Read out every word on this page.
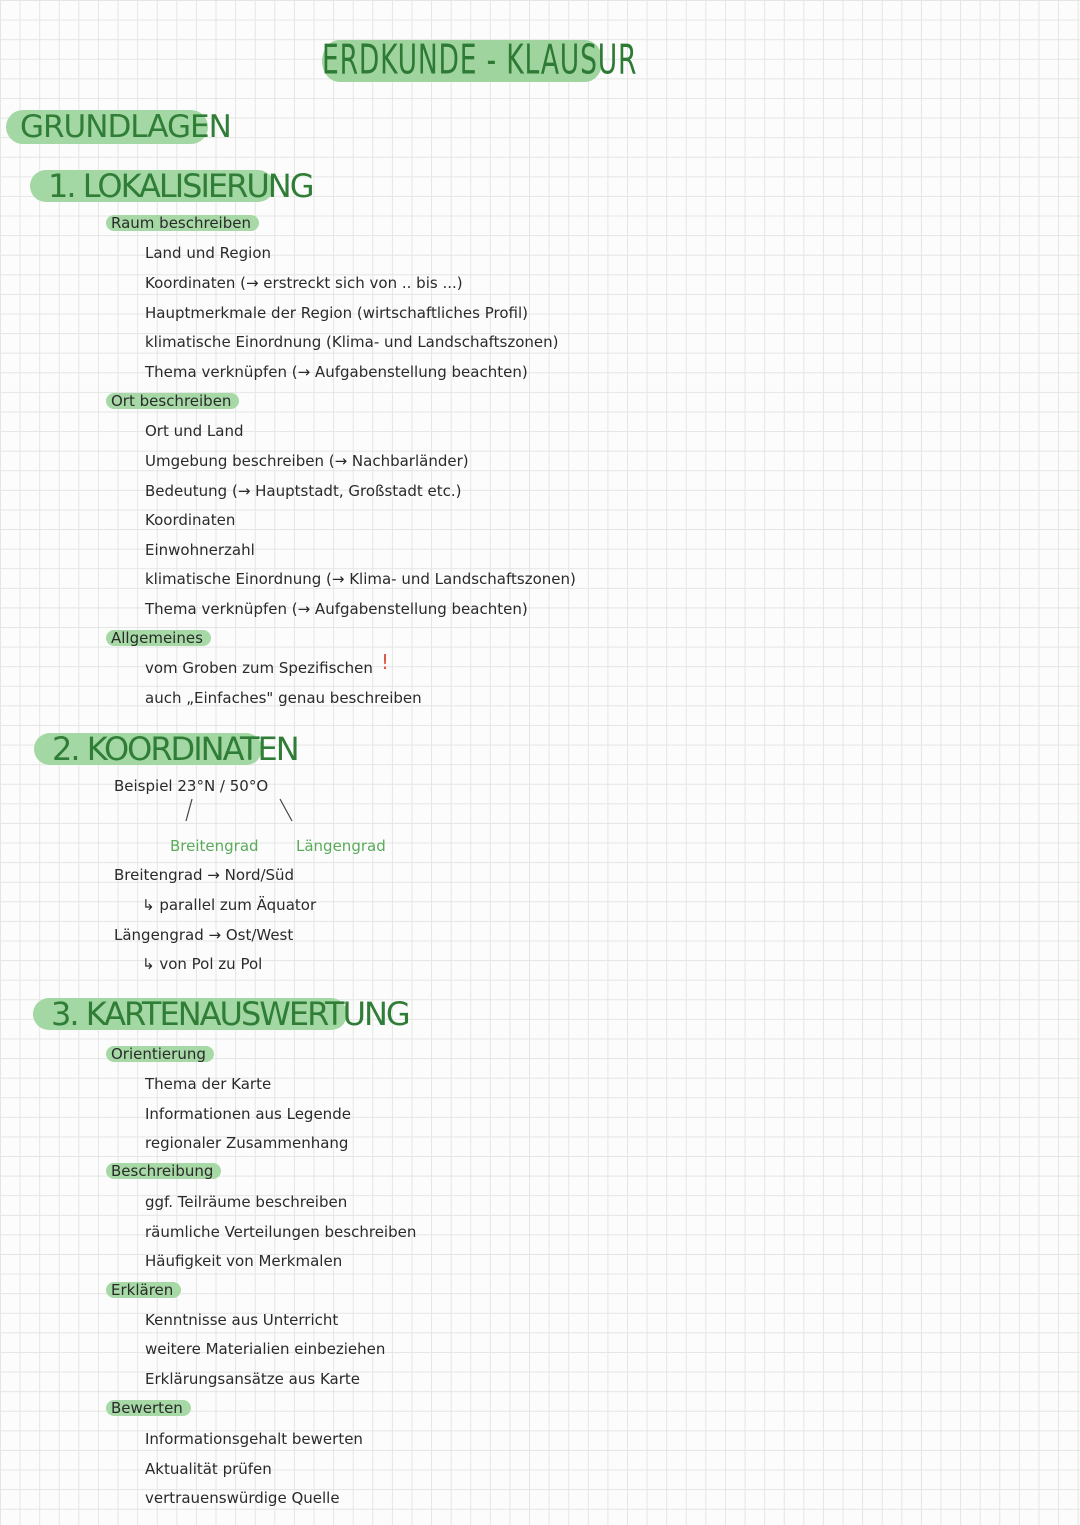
ERDKUNDE - KLAUSUR
GRUNDLAGEN
1. LOKALISIERUNG
Raum beschreiben
Land und Region
Koordinaten (→ erstreckt sich von .. bis ...)
Hauptmerkmale der Region (wirtschaftliches Profil)
klimatische Einordnung (Klima- und Landschaftszonen)
Thema verknüpfen (→ Aufgabenstellung beachten)
Ort beschreiben
Ort und Land
Umgebung beschreiben (→ Nachbarländer)
Bedeutung (→ Hauptstadt, Großstadt etc.)
Koordinaten
Einwohnerzahl
klimatische Einordnung (→ Klima- und Landschaftszonen)
Thema verknüpfen (→ Aufgabenstellung beachten)
Allgemeines
vom Groben zum Spezifischen !
auch „Einfaches" genau beschreiben
2. KOORDINATEN
Beispiel 23°N / 50°O
Breitengrad Längengrad
Breitengrad → Nord/Süd
↳ parallel zum Äquator
Längengrad → Ost/West
↳ von Pol zu Pol
3. KARTENAUSWERTUNG
Orientierung
Thema der Karte
Informationen aus Legende
regionaler Zusammenhang
Beschreibung
ggf. Teilräume beschreiben
räumliche Verteilungen beschreiben
Häufigkeit von Merkmalen
Erklären
Kenntnisse aus Unterricht
weitere Materialien einbeziehen
Erklärungsansätze aus Karte
Bewerten
Informationsgehalt bewerten
Aktualität prüfen
vertrauenswürdige Quelle
